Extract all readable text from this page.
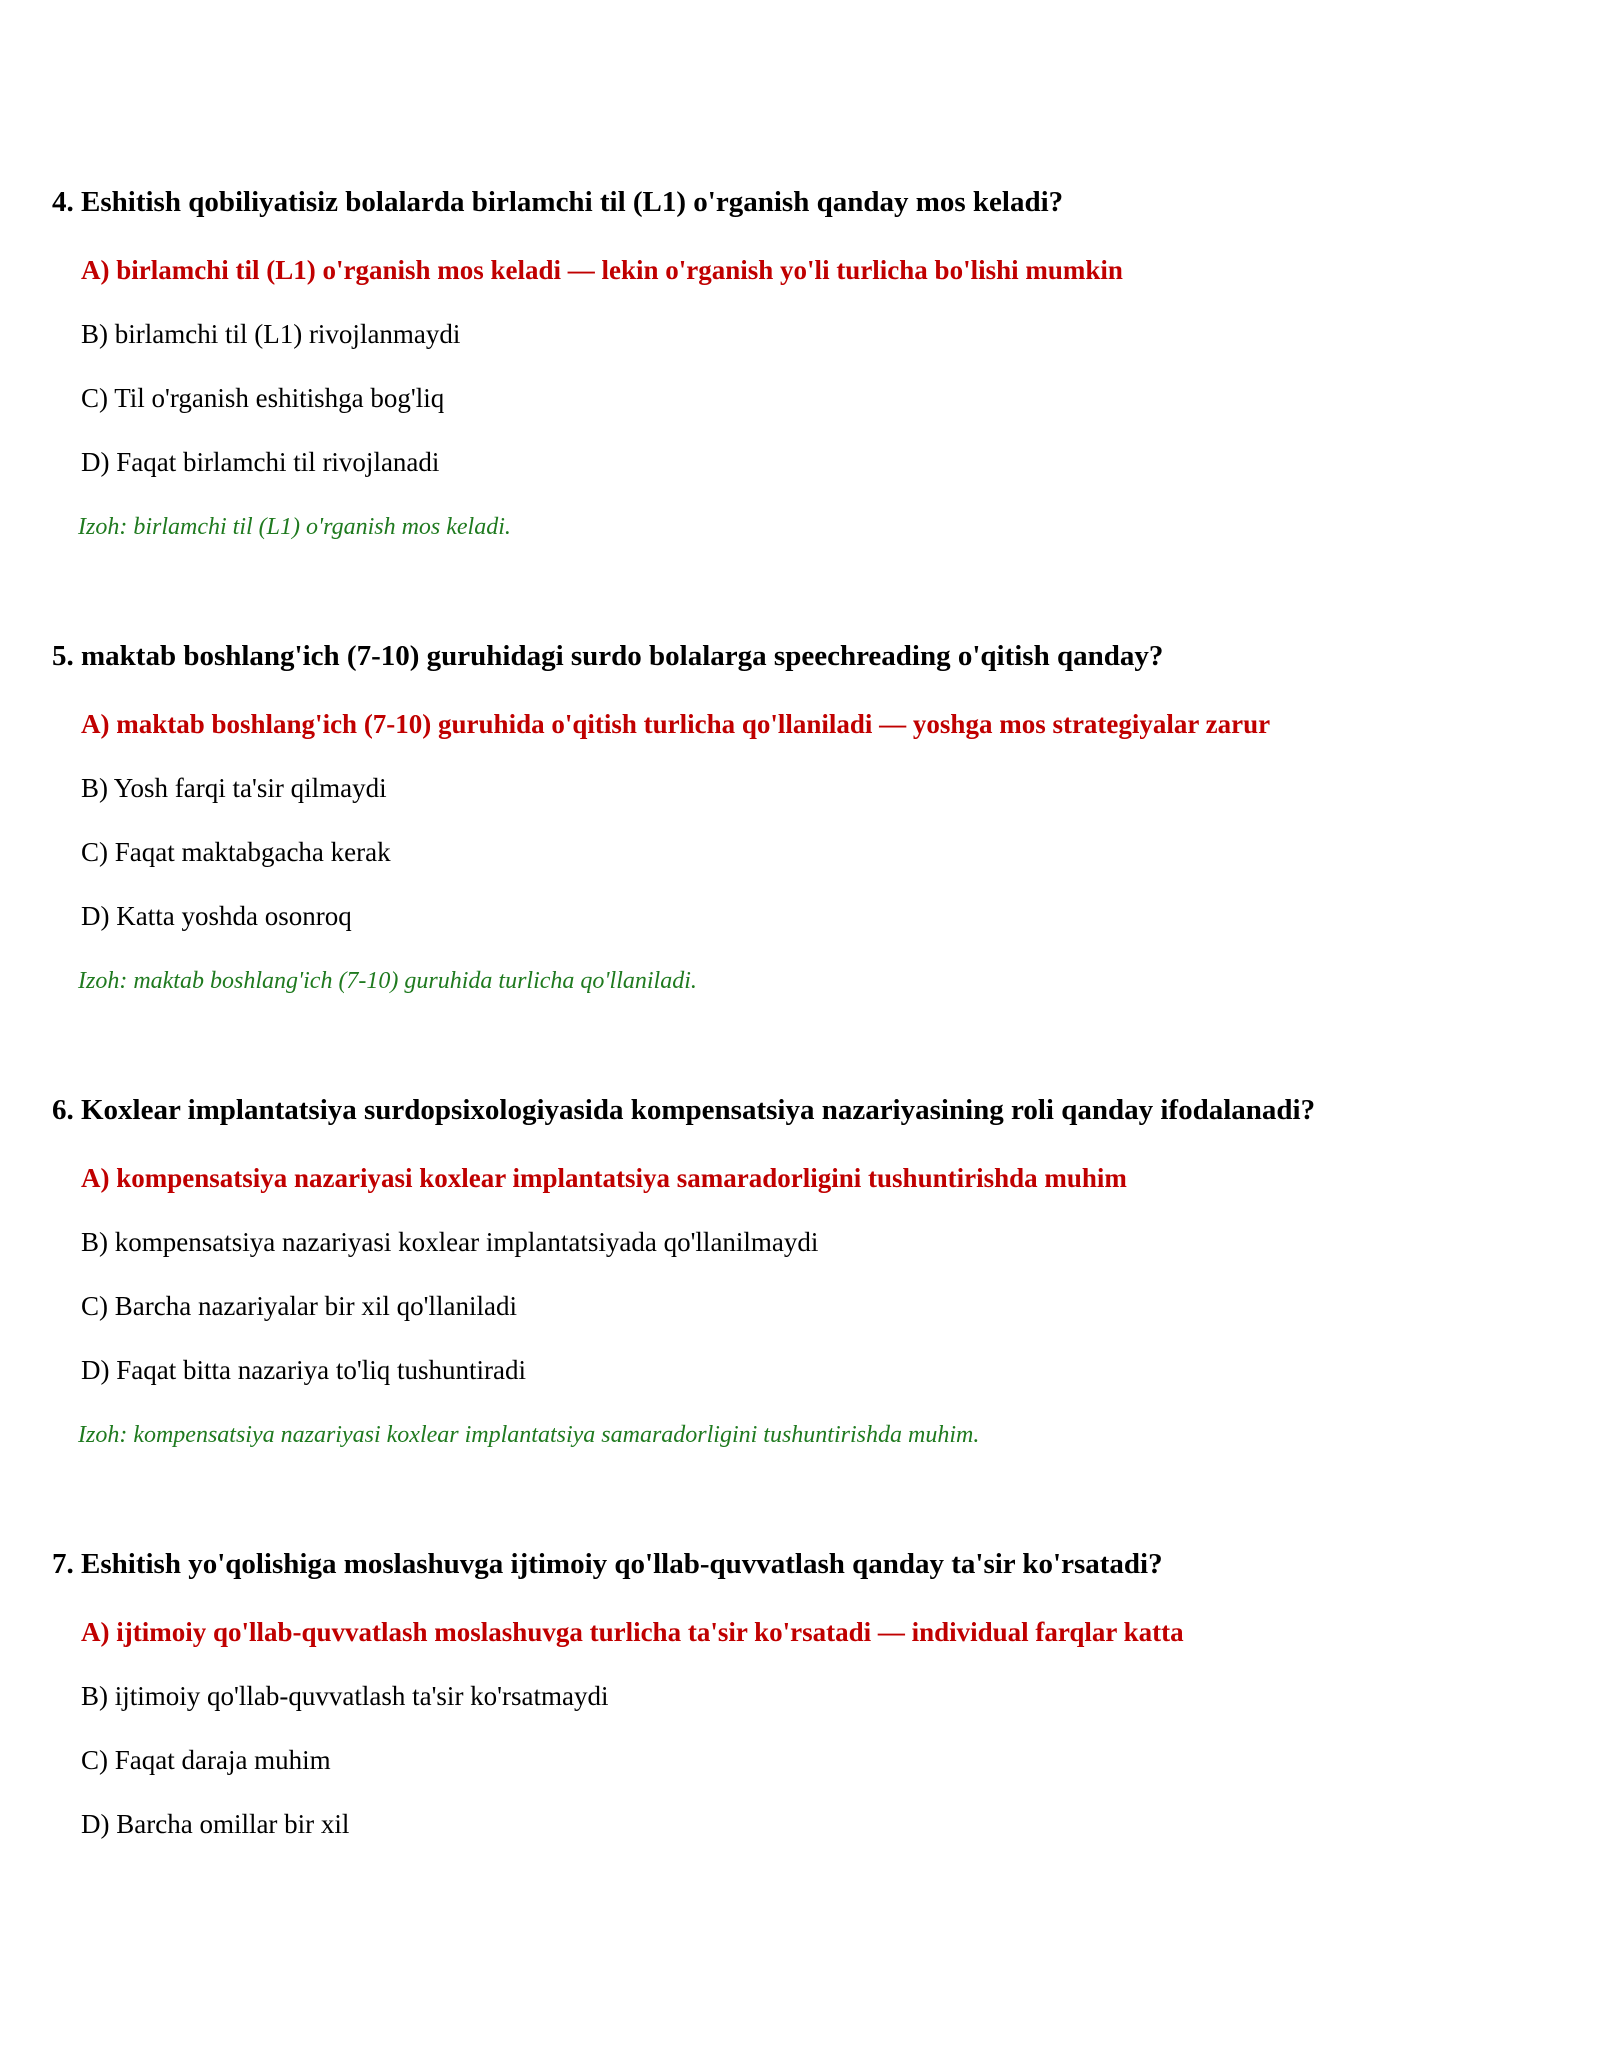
4. Eshitish qobiliyatisiz bolalarda birlamchi til (L1) o'rganish qanday mos keladi?

A) birlamchi til (L1) o'rganish mos keladi — lekin o'rganish yo'li turlicha bo'lishi mumkin

B) birlamchi til (L1) rivojlanmaydi

C) Til o'rganish eshitishga bog'liq

D) Faqat birlamchi til rivojlanadi

Izoh: birlamchi til (L1) o'rganish mos keladi.

5. maktab boshlang'ich (7-10) guruhidagi surdo bolalarga speechreading o'qitish qanday?

A) maktab boshlang'ich (7-10) guruhida o'qitish turlicha qo'llaniladi — yoshga mos strategiyalar zarur

B) Yosh farqi ta'sir qilmaydi

C) Faqat maktabgacha kerak

D) Katta yoshda osonroq

Izoh: maktab boshlang'ich (7-10) guruhida turlicha qo'llaniladi.

6. Koxlear implantatsiya surdopsixologiyasida kompensatsiya nazariyasining roli qanday ifodalanadi?

A) kompensatsiya nazariyasi koxlear implantatsiya samaradorligini tushuntirishda muhim

B) kompensatsiya nazariyasi koxlear implantatsiyada qo'llanilmaydi

C) Barcha nazariyalar bir xil qo'llaniladi

D) Faqat bitta nazariya to'liq tushuntiradi

Izoh: kompensatsiya nazariyasi koxlear implantatsiya samaradorligini tushuntirishda muhim.

7. Eshitish yo'qolishiga moslashuvga ijtimoiy qo'llab-quvvatlash qanday ta'sir ko'rsatadi?

A) ijtimoiy qo'llab-quvvatlash moslashuvga turlicha ta'sir ko'rsatadi — individual farqlar katta

B) ijtimoiy qo'llab-quvvatlash ta'sir ko'rsatmaydi

C) Faqat daraja muhim

D) Barcha omillar bir xil
